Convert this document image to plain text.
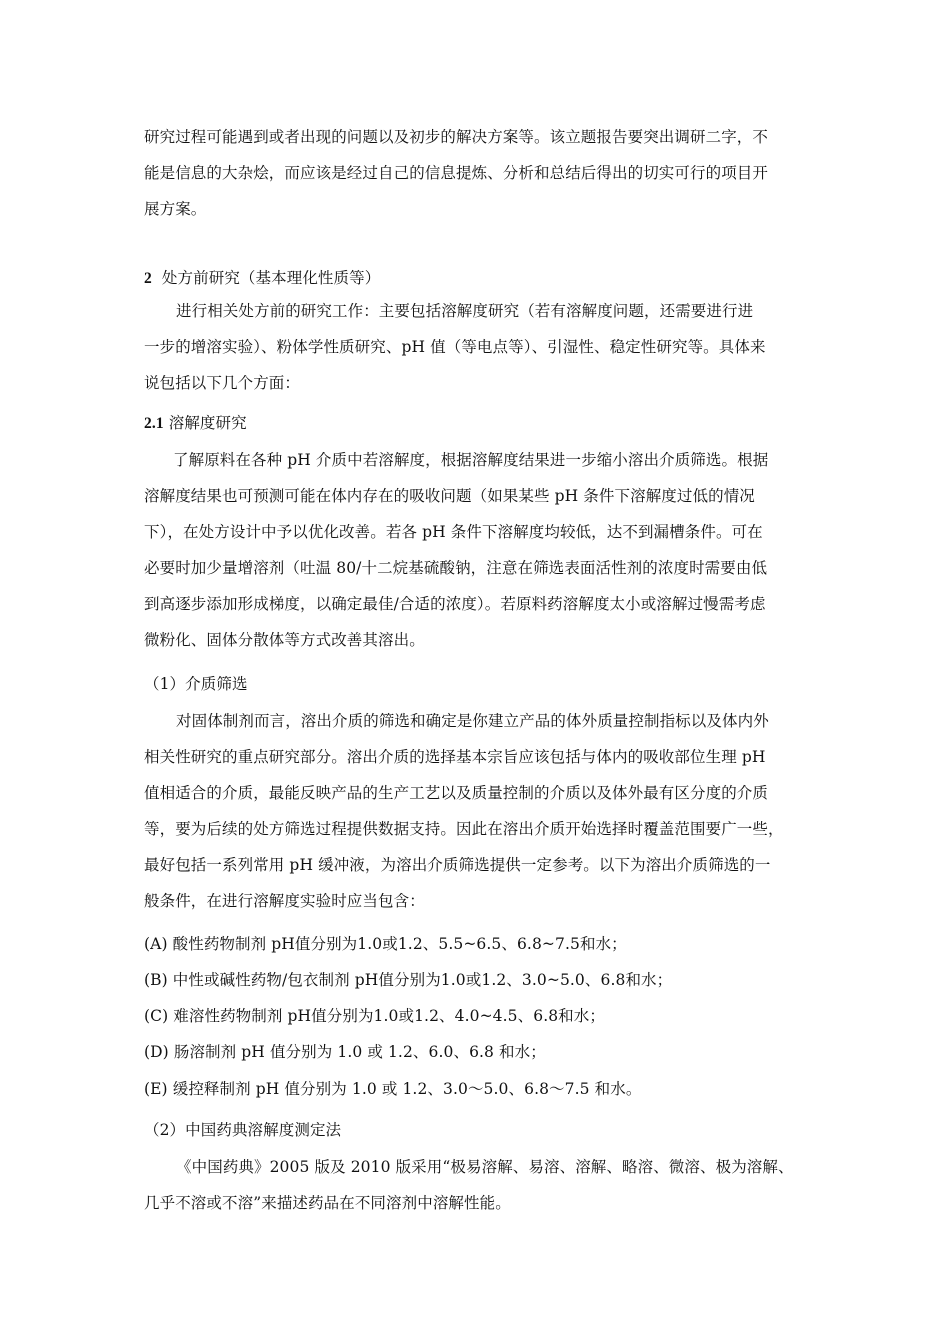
研究过程可能遇到或者出现的问题以及初步的解决方案等。该立题报告要突出调研二字，不
能是信息的大杂烩，而应该是经过自己的信息提炼、分析和总结后得出的切实可行的项目开
展方案。
2 处方前研究（基本理化性质等）
进行相关处方前的研究工作：主要包括溶解度研究（若有溶解度问题，还需要进行进
一步的增溶实验）、粉体学性质研究、pH 值（等电点等）、引湿性、稳定性研究等。具体来
说包括以下几个方面：
2.1 溶解度研究
了解原料在各种 pH 介质中若溶解度，根据溶解度结果进一步缩小溶出介质筛选。根据
溶解度结果也可预测可能在体内存在的吸收问题（如果某些 pH 条件下溶解度过低的情况
下），在处方设计中予以优化改善。若各 pH 条件下溶解度均较低，达不到漏槽条件。可在
必要时加少量增溶剂（吐温 80/十二烷基硫酸钠，注意在筛选表面活性剂的浓度时需要由低
到高逐步添加形成梯度，以确定最佳/合适的浓度）。若原料药溶解度太小或溶解过慢需考虑
微粉化、固体分散体等方式改善其溶出。
（1）介质筛选
对固体制剂而言，溶出介质的筛选和确定是你建立产品的体外质量控制指标以及体内外
相关性研究的重点研究部分。溶出介质的选择基本宗旨应该包括与体内的吸收部位生理 pH
值相适合的介质，最能反映产品的生产工艺以及质量控制的介质以及体外最有区分度的介质
等，要为后续的处方筛选过程提供数据支持。因此在溶出介质开始选择时覆盖范围要广一些，
最好包括一系列常用 pH 缓冲液，为溶出介质筛选提供一定参考。以下为溶出介质筛选的一
般条件，在进行溶解度实验时应当包含：
(A) 酸性药物制剂 pH值分别为1.0或1.2、5.5~6.5、6.8~7.5和水；
(B) 中性或碱性药物/包衣制剂 pH值分别为1.0或1.2、3.0~5.0、6.8和水；
(C) 难溶性药物制剂 pH值分别为1.0或1.2、4.0~4.5、6.8和水；
(D) 肠溶制剂 pH 值分别为 1.0 或 1.2、6.0、6.8 和水；
(E) 缓控释制剂 pH 值分别为 1.0 或 1.2、3.0～5.0、6.8～7.5 和水。
（2）中国药典溶解度测定法
《中国药典》2005 版及 2010 版采用“极易溶解、易溶、溶解、略溶、微溶、极为溶解、
几乎不溶或不溶”来描述药品在不同溶剂中溶解性能。
